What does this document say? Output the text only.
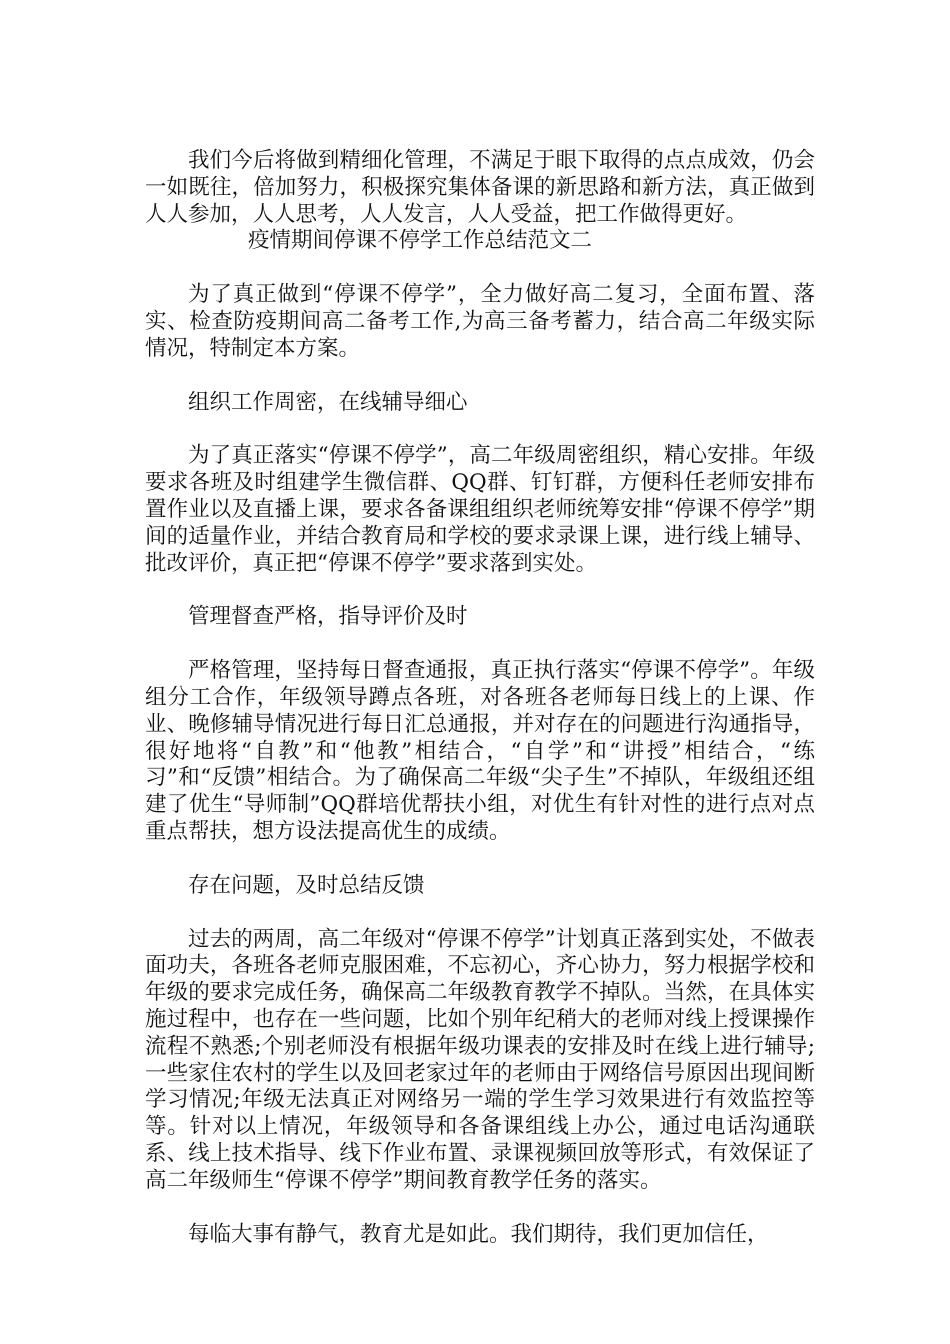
我们今后将做到精细化管理，不满足于眼下取得的点点成效，仍会一如既往，倍加努力，积极探究集体备课的新思路和新方法，真正做到人人参加，人人思考，人人发言，人人受益，把工作做得更好。

疫情期间停课不停学工作总结范文二

为了真正做到“停课不停学”，全力做好高二复习，全面布置、落实、检查防疫期间高二备考工作,为高三备考蓄力，结合高二年级实际情况，特制定本方案。

组织工作周密，在线辅导细心

为了真正落实“停课不停学”，高二年级周密组织，精心安排。年级要求各班及时组建学生微信群、QQ群、钉钉群，方便科任老师安排布置作业以及直播上课，要求各备课组组织老师统筹安排“停课不停学”期间的适量作业，并结合教育局和学校的要求录课上课，进行线上辅导、批改评价，真正把“停课不停学”要求落到实处。

管理督查严格，指导评价及时

严格管理，坚持每日督查通报，真正执行落实“停课不停学”。年级组分工合作，年级领导蹲点各班，对各班各老师每日线上的上课、作业、晚修辅导情况进行每日汇总通报，并对存在的问题进行沟通指导，很好地将“自教”和“他教”相结合，“自学”和“讲授”相结合，“练习”和“反馈”相结合。为了确保高二年级“尖子生”不掉队，年级组还组建了优生“导师制”QQ群培优帮扶小组，对优生有针对性的进行点对点重点帮扶，想方设法提高优生的成绩。

存在问题，及时总结反馈

过去的两周，高二年级对“停课不停学”计划真正落到实处，不做表面功夫，各班各老师克服困难，不忘初心，齐心协力，努力根据学校和年级的要求完成任务，确保高二年级教育教学不掉队。当然，在具体实施过程中，也存在一些问题，比如个别年纪稍大的老师对线上授课操作流程不熟悉;个别老师没有根据年级功课表的安排及时在线上进行辅导;一些家住农村的学生以及回老家过年的老师由于网络信号原因出现间断学习情况;年级无法真正对网络另一端的学生学习效果进行有效监控等等。针对以上情况，年级领导和各备课组线上办公，通过电话沟通联系、线上技术指导、线下作业布置、录课视频回放等形式，有效保证了高二年级师生“停课不停学”期间教育教学任务的落实。

每临大事有静气，教育尤是如此。我们期待，我们更加信任，
